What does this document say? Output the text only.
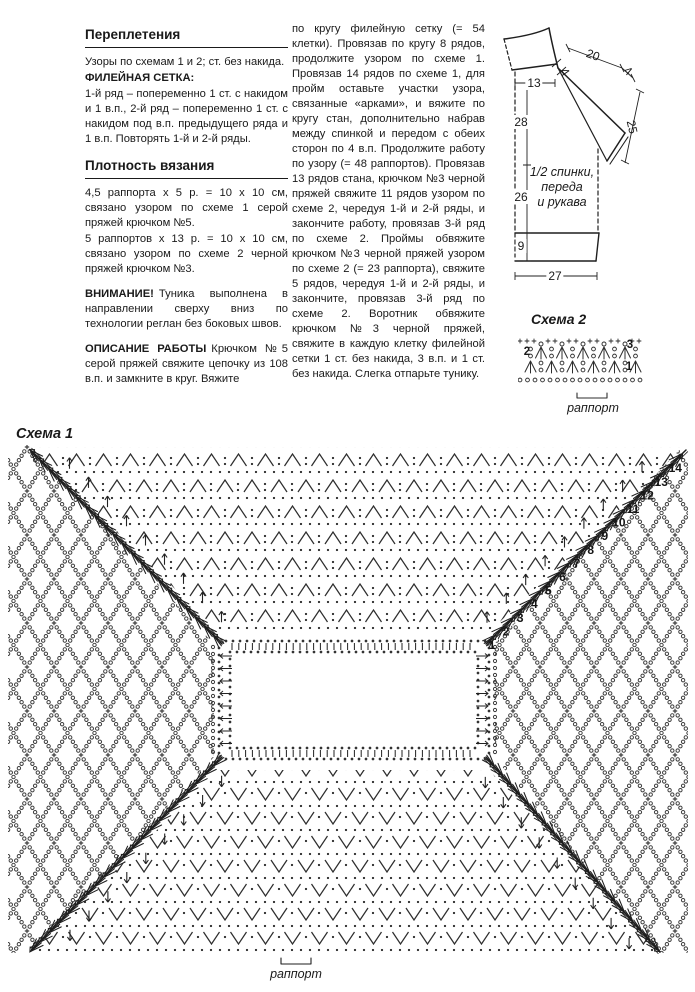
Переплетения

Узоры по схемам 1 и 2; ст. без накида.

ФИЛЕЙНАЯ СЕТКА:

1-й ряд – попеременно 1 ст. с накидом и 1 в.п., 2-й ряд – попеременно 1 ст. с накидом под в.п. предыдущего ряда и 1 в.п. Повторять 1-й и 2-й ряды.

Плотность вязания

4,5 раппорта x 5 р. = 10 x 10 см, связано узором по схеме 1 серой пряжей крючком №5.

5 раппортов x 13 р. = 10 x 10 см, связано узором по схеме 2 черной пряжей крючком №3.

ВНИМАНИЕ! Туника выполнена в направлении сверху вниз по технологии реглан без боковых швов.

ОПИСАНИЕ РАБОТЫ Крючком №5 серой пряжей свяжите цепочку из 108 в.п. и замкните в круг. Вяжите

по кругу филейную сетку (= 54 клетки). Провязав по кругу 8 рядов, продолжите узором по схеме 1. Провязав 14 рядов по схеме 1, для пройм оставьте участки узора, связанные «арками», и вяжите по кругу стан, дополнительно набрав между спинкой и передом с обеих сторон по 4 в.п. Продолжите работу по узору (= 48 раппортов). Провязав 13 рядов стана, крючком №3 черной пряжей свяжите 11 рядов узором по схеме 2, чередуя 1-й и 2-й ряды, и закончите работу, провязав 3-й ряд по схеме 2. Проймы обвяжите крючком №3 черной пряжей узором по схеме 2 (= 23 раппорта), свяжите 5 рядов, чередуя 1-й и 2-й ряды, и закончите, провязав 3-й ряд по схеме 2. Воротник обвяжите крючком №3 черной пряжей, свяжите в каждую клетку филейной сетки 1 ст. без накида, 3 в.п. и 1 ст. без накида. Слегка отпарьте тунику.

13
28
26
9
27
20
4	4
25
1/2 спинки,
переда
и рукава
Схема 2
2
3
1
раппорт
Схема 1
1
2
3
4
5
6
7
8
9
10
11
12
13
14
раппорт
